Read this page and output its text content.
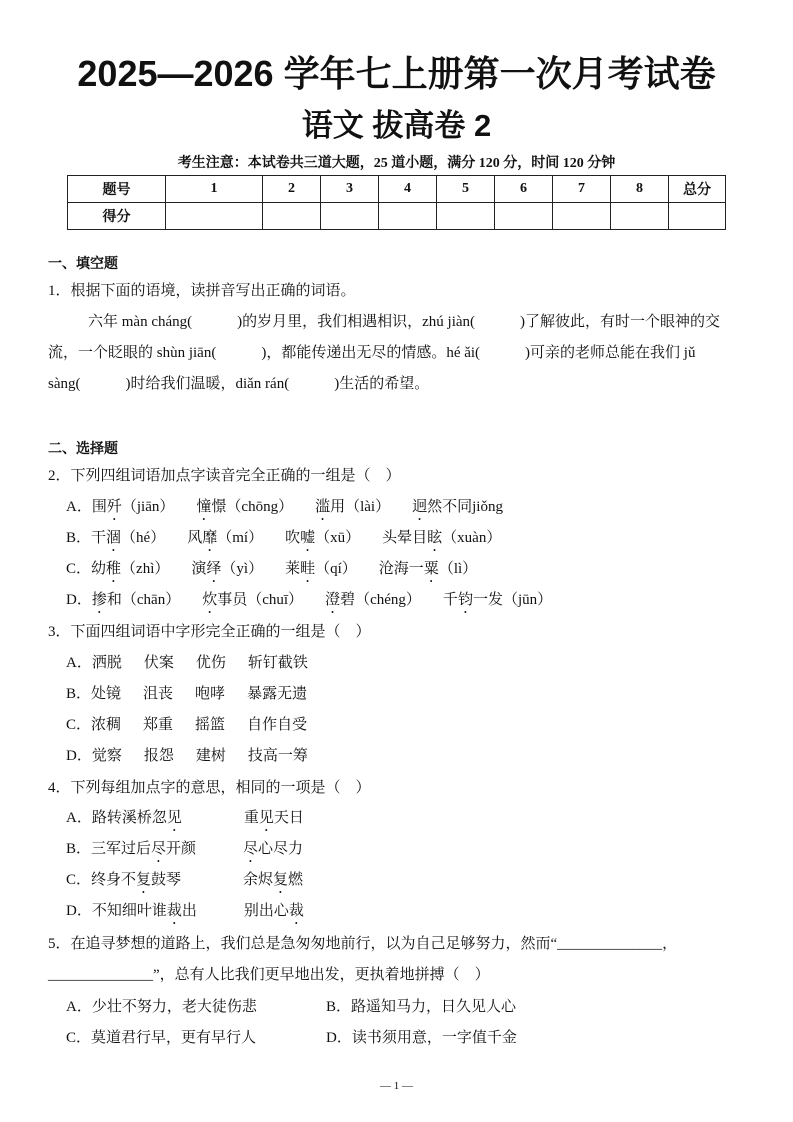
2025—2026 学年七上册第一次月考试卷
语文 拔高卷 2
考生注意：本试卷共三道大题，25 道小题，满分 120 分，时间 120 分钟
题号	1	2	3	4	5	6	7	8	总分
得分									
一、填空题
1．根据下面的语境，读拼音写出正确的词语。
六年 màn cháng(　　　)的岁月里，我们相遇相识，zhú jiàn(　　　)了解彼此，有时一个眼神的交
流，一个眨眼的 shùn jiān(　　　)，都能传递出无尽的情感。hé ǎi(　　　)可亲的老师总能在我们 jǔ
sàng(　　　)时给我们温暖，diǎn rán(　　　)生活的希望。
二、选择题
2．下列四组词语加点字读音完全正确的一组是（　）
A．围歼（jiān） 憧憬（chōng） 滥用（lài） 迥然不同jiǒng
B．干涸（hé） 风靡（mí） 吹嘘（xū） 头晕目眩（xuàn）
C．幼稚（zhì） 演绎（yì） 莱畦（qí） 沧海一粟（lì）
D．掺和（chān） 炊事员（chuī） 澄碧（chéng） 千钧一发（jūn）
3．下面四组词语中字形完全正确的一组是（　）
A．洒脱 伏案 优伤 斩钉截铁
B．处镜 沮丧 咆哮 暴露无遗
C．浓稠 郑重 摇篮 自作自受
D．觉察 报怨 建树 技高一筹
4．下列每组加点字的意思，相同的一项是（　）
A．路转溪桥忽见	重见天日
B．三军过后尽开颜	尽心尽力
C．终身不复鼓琴	余烬复燃
D．不知细叶谁裁出	别出心裁
5．在追寻梦想的道路上，我们总是急匆匆地前行，以为自己足够努力，然而“______________，
______________”，总有人比我们更早地出发，更执着地拼搏（　）
A．少壮不努力，老大徒伤悲	B．路遥知马力，日久见人心
C．莫道君行早，更有早行人	D．读书须用意，一字值千金
— 1 —
